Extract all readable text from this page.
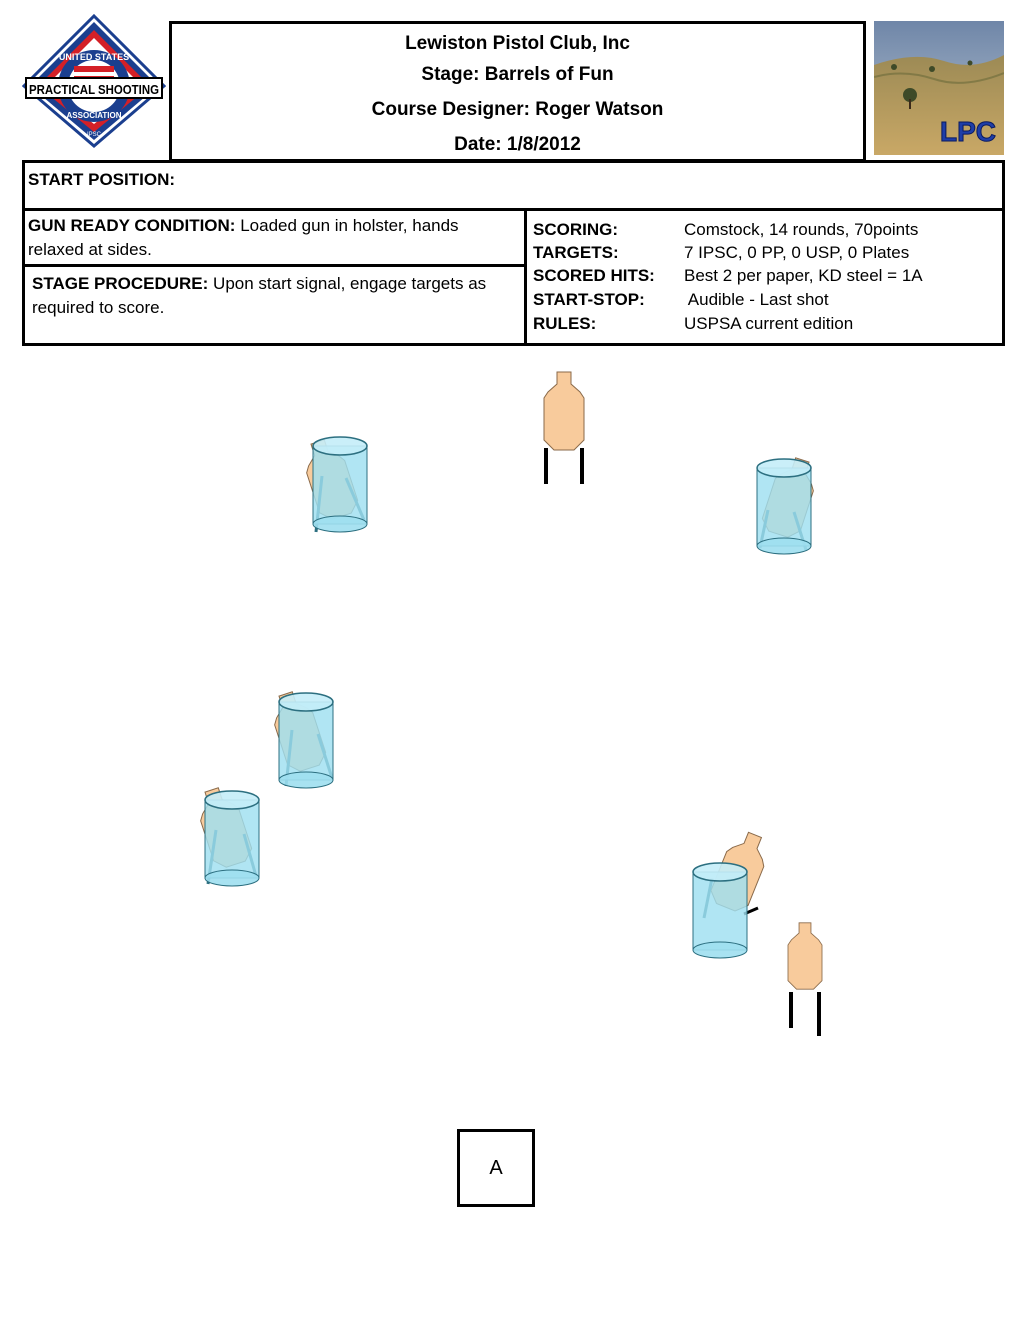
UNITED STATES
PRACTICAL SHOOTING
ASSOCIATION
IPSC
Lewiston Pistol Club, Inc
Stage: Barrels of Fun
Course Designer: Roger Watson
Date: 1/8/2012	LPC
START POSITION:
GUN READY CONDITION: Loaded gun in holster, hands relaxed at sides.
STAGE PROCEDURE: Upon start signal, engage targets as required to score.
SCORING:	Comstock, 14 rounds, 70points
TARGETS:	7 IPSC, 0 PP, 0 USP, 0 Plates
SCORED HITS: Best 2 per paper, KD steel = 1A
START-STOP: Audible - Last shot
RULES:	USPSA current edition
A
